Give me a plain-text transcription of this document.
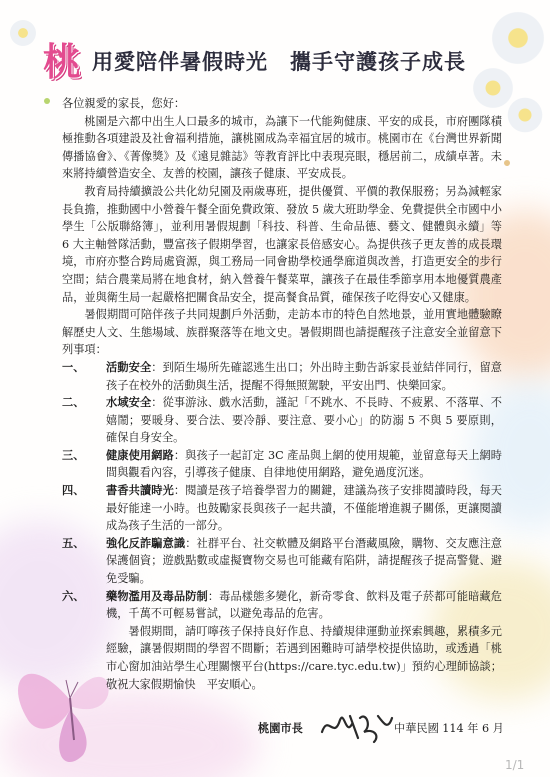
桃 用愛陪伴暑假時光 攜手守護孩子成長

各位親愛的家長，您好：

桃園是六都中出生人口最多的城市，為讓下一代能夠健康、平安的成長，市府團隊積極推動各項建設及社會福利措施，讓桃園成為幸福宜居的城市。桃園市在《台灣世界新聞傳播協會》、《菁像獎》及《遠見雜誌》等教育評比中表現亮眼，穩居前二，成績卓著。未來將持續營造安全、友善的校園，讓孩子健康、平安成長。

教育局持續擴設公共化幼兒園及兩歲專班，提供優質、平價的教保服務；另為減輕家長負擔，推動國中小營養午餐全面免費政策、發放 5 歲大班助學金、免費提供全市國中小學生「公版聯絡簿」，並利用暑假規劃「科技、科普、生命品德、藝文、健體與永續」等 6 大主軸營隊活動，豐富孩子假期學習，也讓家長倍感安心。為提供孩子更友善的成長環境，市府亦整合跨局處資源，與工務局一同會勘學校通學廊道與改善，打造更安全的步行空間；結合農業局將在地食材，納入營養午餐菜單，讓孩子在最佳季節享用本地優質農產品，並與衛生局一起嚴格把關食品安全，提高餐食品質，確保孩子吃得安心又健康。

暑假期間可陪伴孩子共同規劃戶外活動，走訪本市的特色自然地景，並用實地體驗瞭解歷史人文、生態場域、族群聚落等在地文史。暑假期間也請提醒孩子注意安全並留意下列事項：

一、 活動安全：到陌生場所先確認逃生出口；外出時主動告訴家長並結伴同行，留意孩子在校外的活動與生活，提醒不得無照駕駛，平安出門、快樂回家。
二、 水域安全：從事游泳、戲水活動，謹記「不跳水、不長時、不疲累、不落單、不嬉鬧；要暖身、要合法、要冷靜、要注意、要小心」的防溺 5 不與 5 要原則，確保自身安全。
三、 健康使用網路：與孩子一起訂定 3C 產品與上網的使用規範，並留意每天上網時間與觀看內容，引導孩子健康、自律地使用網路，避免過度沉迷。
四、 書香共讀時光：閱讀是孩子培養學習力的關鍵，建議為孩子安排閱讀時段，每天最好能達一小時。也鼓勵家長與孩子一起共讀，不僅能增進親子關係，更讓閱讀成為孩子生活的一部分。
五、 強化反詐騙意識：社群平台、社交軟體及網路平台潛藏風險，購物、交友應注意保護個資；遊戲點數或虛擬寶物交易也可能藏有陷阱，請提醒孩子提高警覺、避免受騙。
六、 藥物濫用及毒品防制：毒品樣態多變化，新奇零食、飲料及電子菸都可能暗藏危機，千萬不可輕易嘗試，以避免毒品的危害。

暑假期間，請叮嚀孩子保持良好作息、持續規律運動並探索興趣，累積多元經驗，讓暑假期間的學習不間斷；若遇到困難時可請學校提供協助，或透過「桃市心窗加油站學生心理關懷平台(https://care.tyc.edu.tw)」預約心理師協談；敬祝大家假期愉快　平安順心。

桃園市長	中華民國 114 年 6 月
1/1
